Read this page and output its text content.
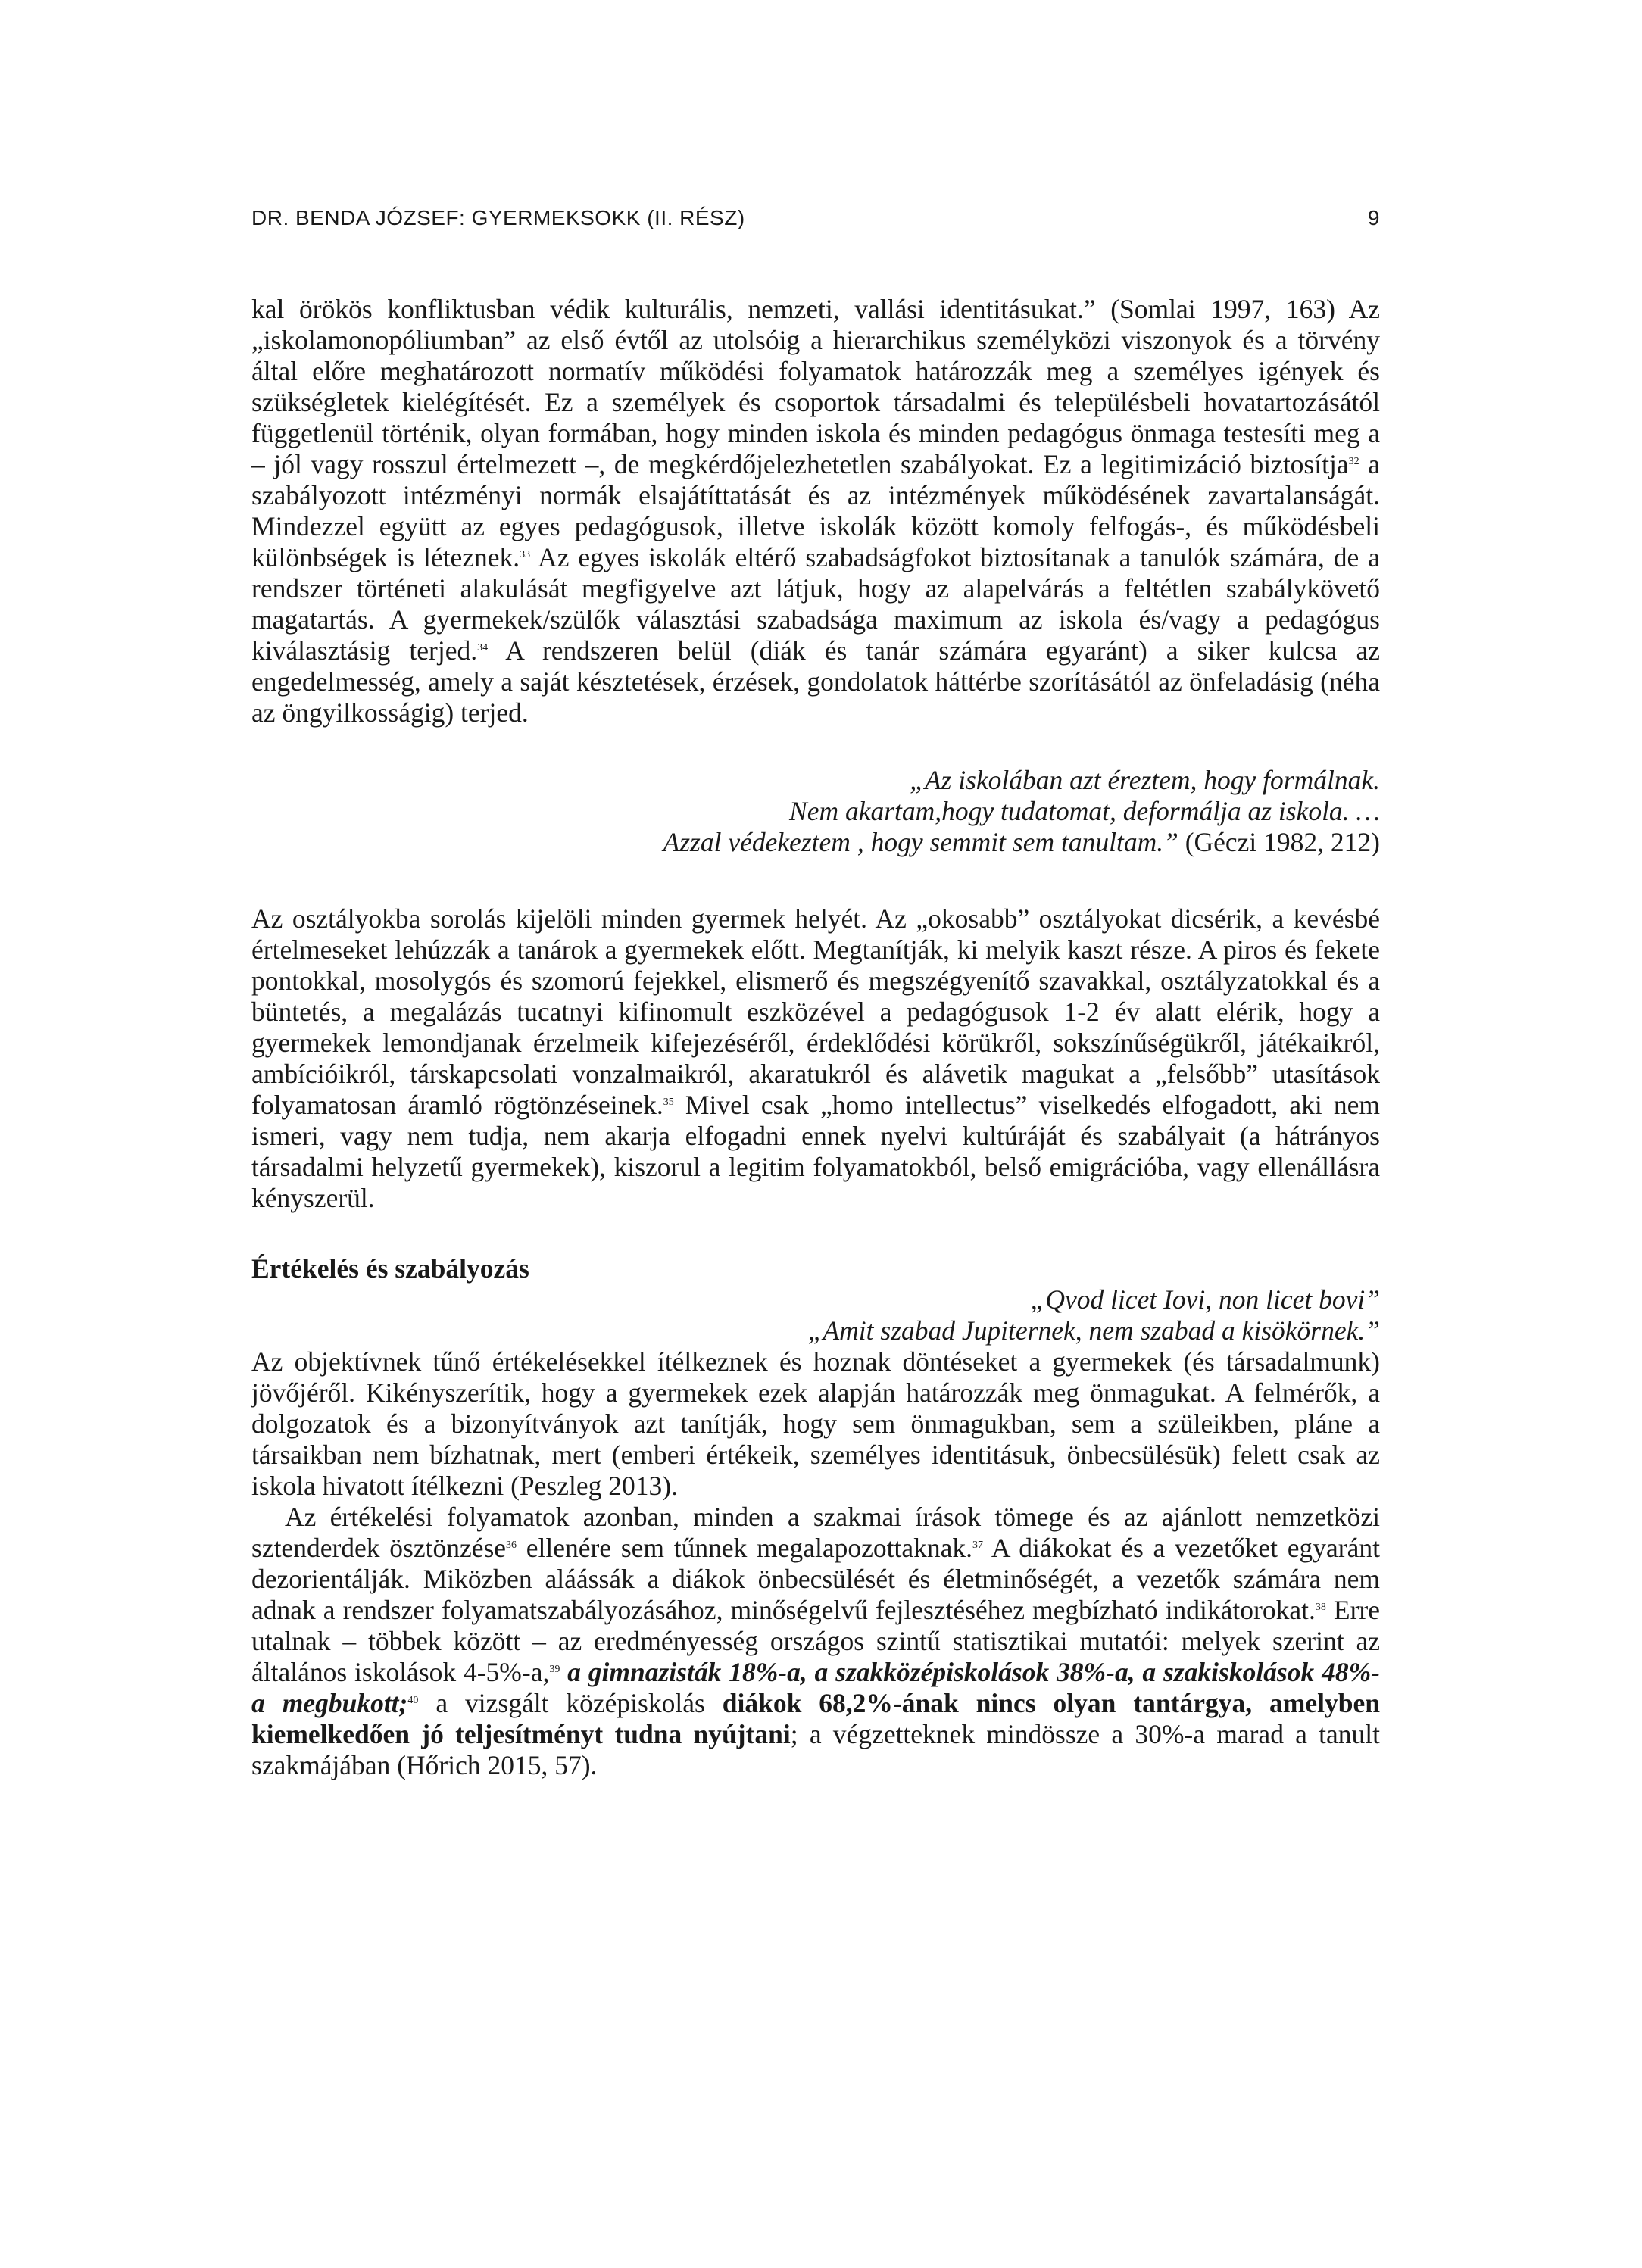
DR. BENDA JÓZSEF: GYERMEKSOKK (II. RÉSZ)	9

kal örökös konfliktusban védik kulturális, nemzeti, vallási identitásukat.” (Somlai 1997, 163) Az „iskolamonopóliumban” az első évtől az utolsóig a hierarchikus személyközi viszonyok és a törvény által előre meghatározott normatív működési folyamatok határozzák meg a személyes igények és szükségletek kielégítését. Ez a személyek és csoportok társadalmi és településbeli hovatartozásától függetlenül történik, olyan formában, hogy minden iskola és minden pedagógus önmaga testesíti meg a – jól vagy rosszul értelmezett –, de megkérdőjelezhetetlen szabályokat. Ez a legitimizáció biztosítja$^{32}$ a szabályozott intézményi normák elsajátíttatását és az intézmények működésének zavartalanságát. Mindezzel együtt az egyes pedagógusok, illetve iskolák között komoly felfogás-, és működésbeli különbségek is léteznek.$^{33}$ Az egyes iskolák eltérő szabadságfokot biztosítanak a tanulók számára, de a rendszer történeti alakulását megfigyelve azt látjuk, hogy az alapelvárás a feltétlen szabálykövető magatartás. A gyermekek/szülők választási szabadsága maximum az iskola és/vagy a pedagógus kiválasztásig terjed.$^{34}$ A rendszeren belül (diák és tanár számára egyaránt) a siker kulcsa az engedelmesség, amely a saját késztetések, érzések, gondolatok háttérbe szorításától az önfeladásig (néha az öngyilkosságig) terjed.

„Az iskolában azt éreztem, hogy formálnak.

Nem akartam,hogy tudatomat, deformálja az iskola. …

Azzal védekeztem , hogy semmit sem tanultam.” (Géczi 1982, 212)

Az osztályokba sorolás kijelöli minden gyermek helyét. Az „okosabb” osztályokat dicsérik, a kevésbé értelmeseket lehúzzák a tanárok a gyermekek előtt. Megtanítják, ki melyik kaszt része. A piros és fekete pontokkal, mosolygós és szomorú fejekkel, elismerő és megszégyenítő szavakkal, osztályzatokkal és a büntetés, a megalázás tucatnyi kifinomult eszközével a pedagógusok 1-2 év alatt elérik, hogy a gyermekek lemondjanak érzelmeik kifejezéséről, érdeklődési körükről, sokszínűségükről, játékaikról, ambícióikról, társkapcsolati vonzalmaikról, akaratukról és alávetik magukat a „felsőbb” utasítások folyamatosan áramló rögtönzéseinek.$^{35}$ Mivel csak „homo intellectus” viselkedés elfogadott, aki nem ismeri, vagy nem tudja, nem akarja elfogadni ennek nyelvi kultúráját és szabályait (a hátrányos társadalmi helyzetű gyermekek), kiszorul a legitim folyamatokból, belső emigrációba, vagy ellenállásra kényszerül.

Értékelés és szabályozás

„Qvod licet Iovi, non licet bovi”

„Amit szabad Jupiternek, nem szabad a kisökörnek.”

Az objektívnek tűnő értékelésekkel ítélkeznek és hoznak döntéseket a gyermekek (és társadalmunk) jövőjéről. Kikényszerítik, hogy a gyermekek ezek alapján határozzák meg önmagukat. A felmérők, a dolgozatok és a bizonyítványok azt tanítják, hogy sem önmagukban, sem a szüleikben, pláne a társaikban nem bízhatnak, mert (emberi értékeik, személyes identitásuk, önbecsülésük) felett csak az iskola hivatott ítélkezni (Peszleg 2013).

Az értékelési folyamatok azonban, minden a szakmai írások tömege és az ajánlott nemzetközi sztenderdek ösztönzése$^{36}$ ellenére sem tűnnek megalapozottaknak.$^{37}$ A diákokat és a vezetőket egyaránt dezorientálják. Miközben aláássák a diákok önbecsülését és életminőségét, a vezetők számára nem adnak a rendszer folyamatszabályozásához, minőségelvű fejlesztéséhez megbízható indikátorokat.$^{38}$ Erre utalnak – többek között – az eredményesség országos szintű statisztikai mutatói: melyek szerint az általános iskolások 4-5%-a,$^{39}$ a gimnazisták 18%-a, a szakközépiskolások 38%-a, a szakiskolások 48%-a megbukott;$^{40}$ a vizsgált középiskolás diákok 68,2%-ának nincs olyan tantárgya, amelyben kiemelkedően jó teljesítményt tudna nyújtani; a végzetteknek mindössze a 30%-a marad a tanult szakmájában (Hőrich 2015, 57).
